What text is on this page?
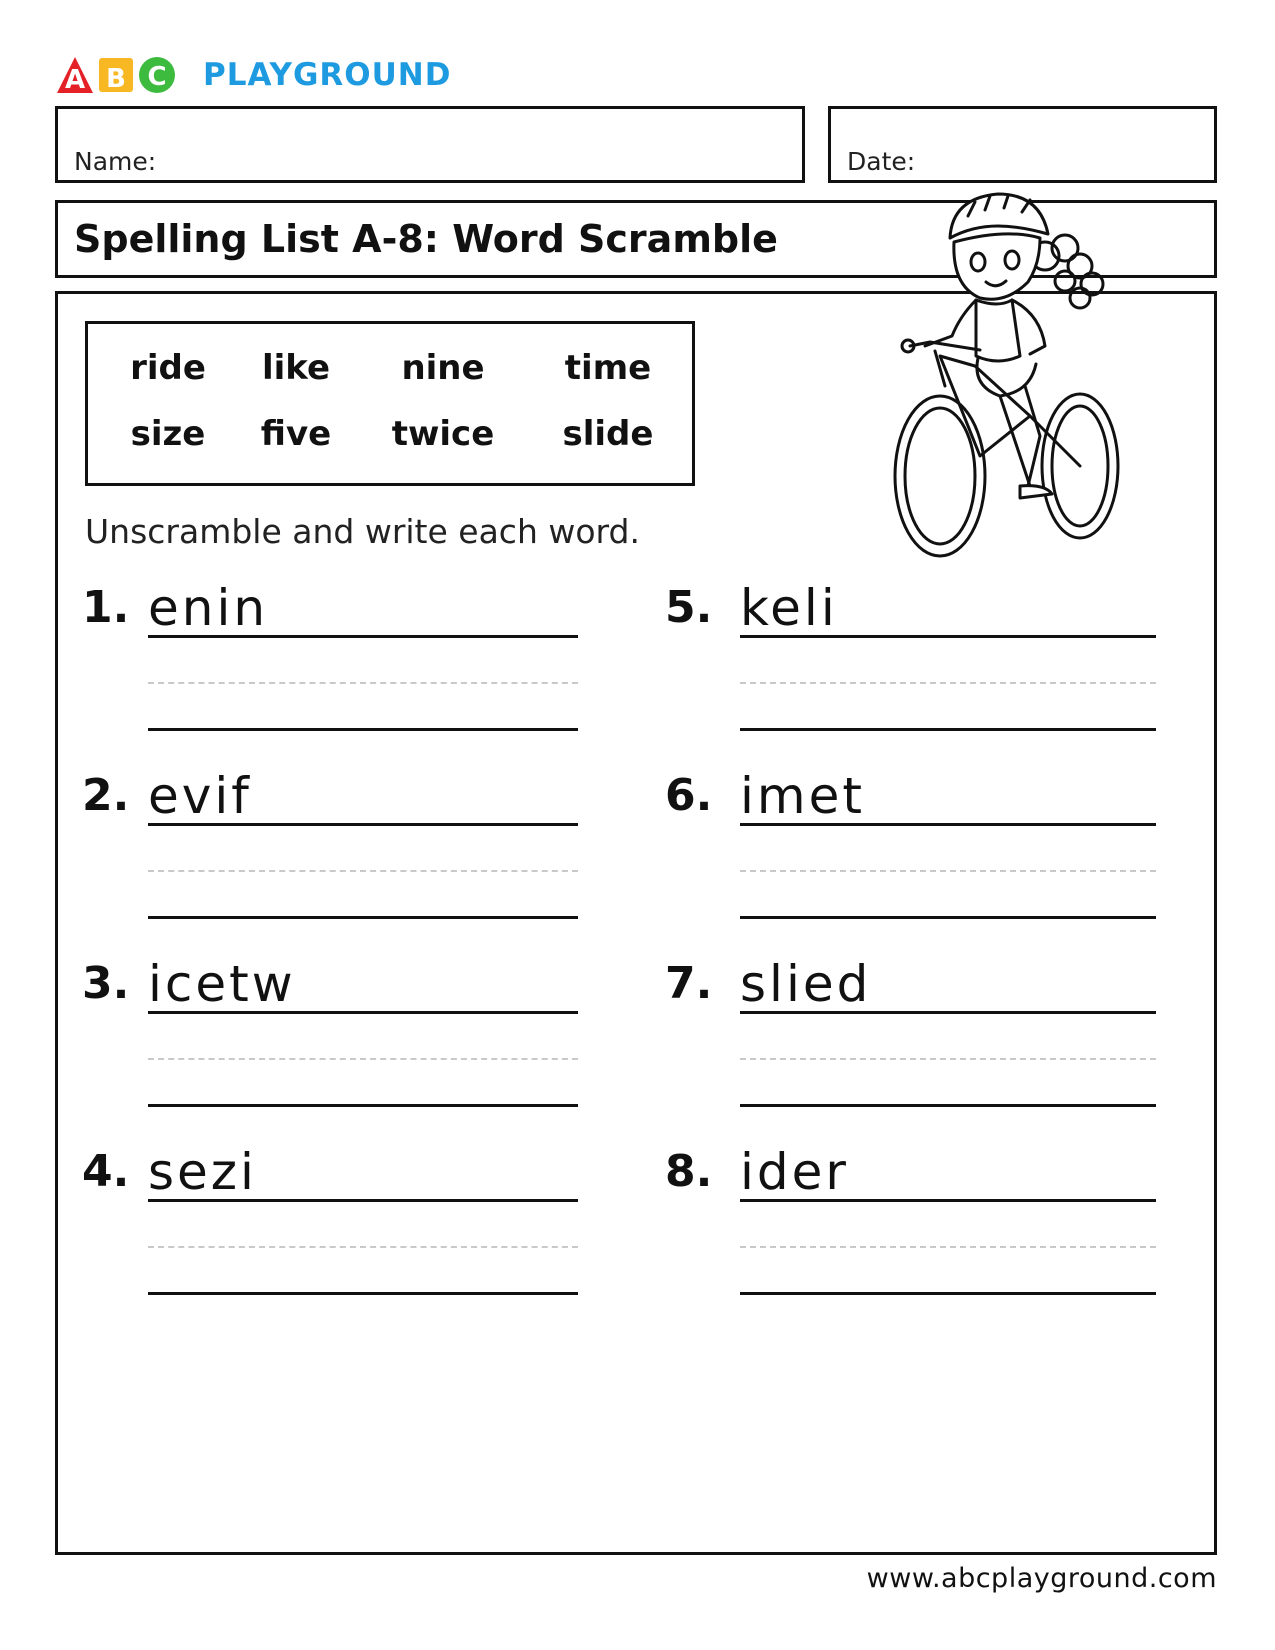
A B C PLAYGROUND
Name:	Date:
Spelling List A-8: Word Scramble
ride	like	nine	time
size	five	twice	slide
Unscramble and write each word.
1. enin
2. evif
3. icetw
4. sezi
5. keli
6. imet
7. slied
8. ider
www.abcplayground.com
